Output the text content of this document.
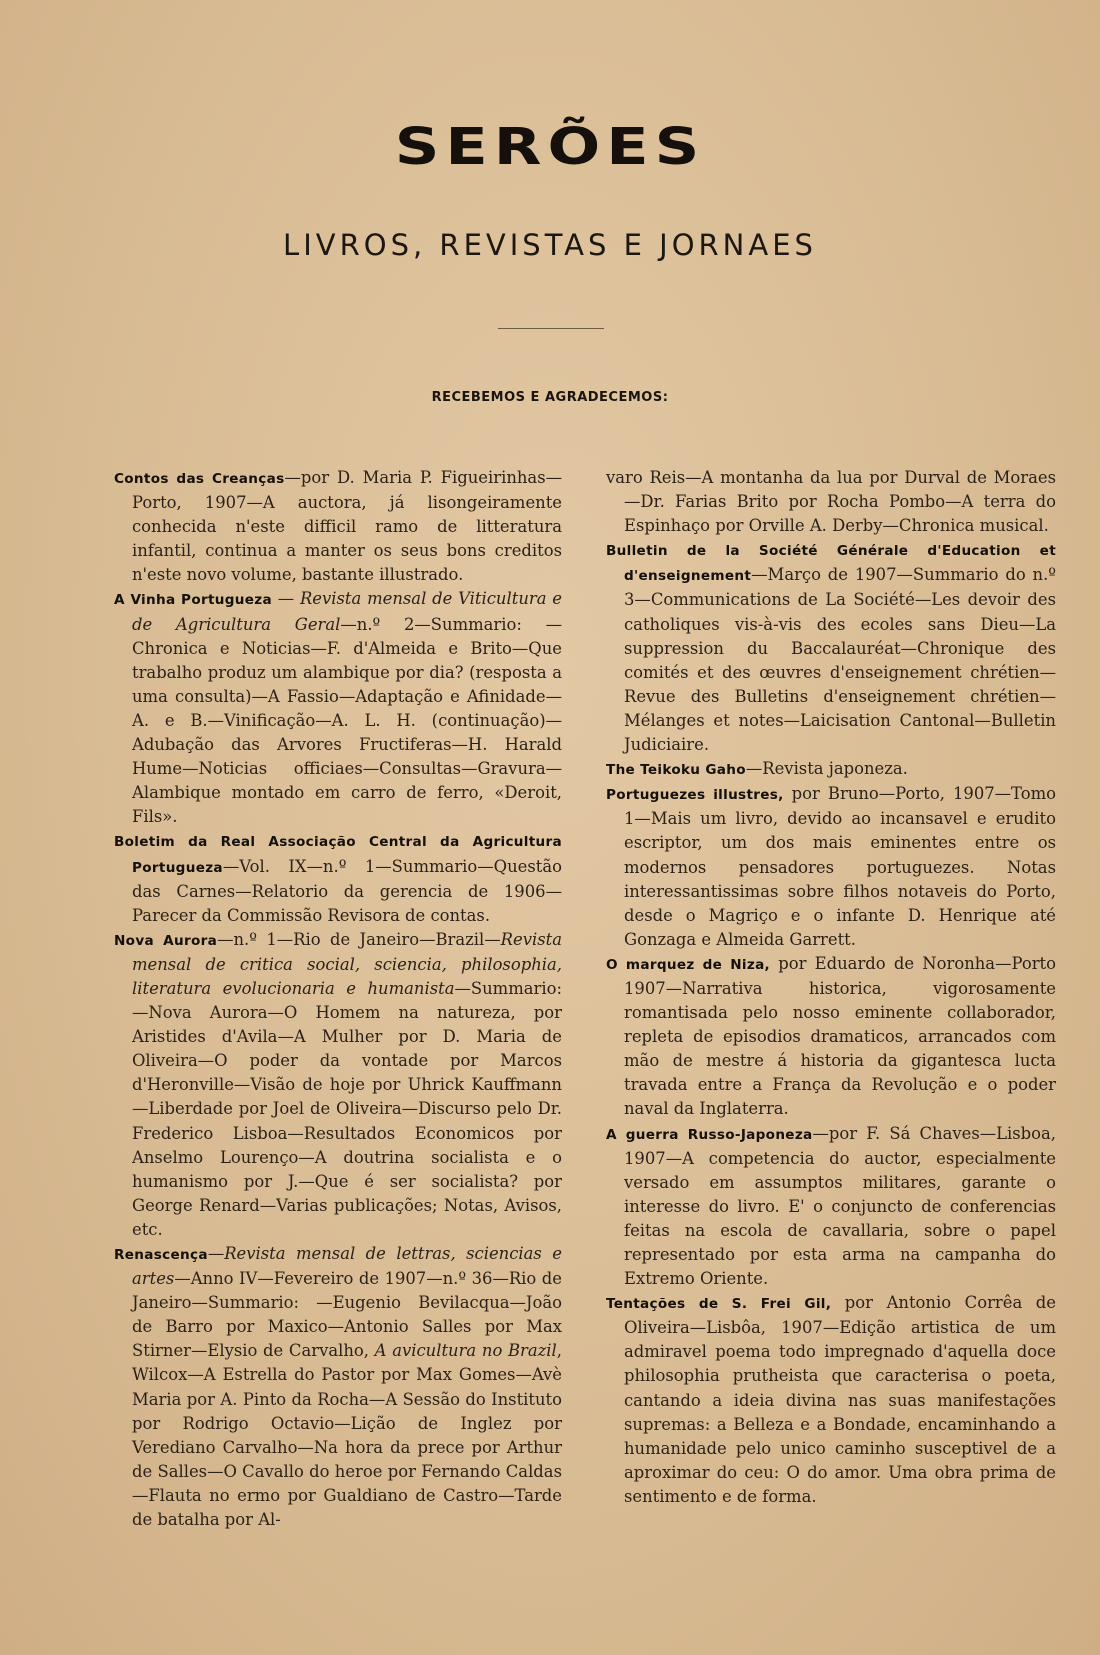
SERÕES
LIVROS, REVISTAS E JORNAES
RECEBEMOS E AGRADECEMOS:

Contos das Creanças—por D. Maria P. Figueirinhas—Porto, 1907—A auctora, já lisongeiramente conhecida n'este difficil ramo de litteratura infantil, continua a manter os seus bons creditos n'este novo volume, bastante illustrado.

A Vinha Portugueza — Revista mensal de Viticultura e de Agricultura Geral—n.º 2—Summario: —Chronica e Noticias—F. d'Almeida e Brito—Que trabalho produz um alambique por dia? (resposta a uma consulta)—A Fassio—Adaptação e Afinidade—A. e B.—Vinificação—A. L. H. (continuação)—Adubação das Arvores Fructiferas—H. Harald Hume—Noticias officiaes—Consultas—Gravura—Alambique montado em carro de ferro, «Deroit, Fils».

Boletim da Real Associação Central da Agricultura Portugueza—Vol. IX—n.º 1—Summario—Questão das Carnes—Relatorio da gerencia de 1906—Parecer da Commissão Revisora de contas.

Nova Aurora—n.º 1—Rio de Janeiro—Brazil—Revista mensal de critica social, sciencia, philosophia, literatura evolucionaria e humanista—Summario: —Nova Aurora—O Homem na natureza, por Aristides d'Avila—A Mulher por D. Maria de Oliveira—O poder da vontade por Marcos d'Heronville—Visão de hoje por Uhrick Kauffmann—Liberdade por Joel de Oliveira—Discurso pelo Dr. Frederico Lisboa—Resultados Economicos por Anselmo Lourenço—A doutrina socialista e o humanismo por J.—Que é ser socialista? por George Renard—Varias publicações; Notas, Avisos, etc.

Renascença—Revista mensal de lettras, sciencias e artes—Anno IV—Fevereiro de 1907—n.º 36—Rio de Janeiro—Summario: —Eugenio Bevilacqua—João de Barro por Maxico—Antonio Salles por Max Stirner—Elysio de Carvalho, A avicultura no Brazil, Wilcox—A Estrella do Pastor por Max Gomes—Avè Maria por A. Pinto da Rocha—A Sessão do Instituto por Rodrigo Octavio—Lição de Inglez por Verediano Carvalho—Na hora da prece por Arthur de Salles—O Cavallo do heroe por Fernando Caldas—Flauta no ermo por Gualdiano de Castro—Tarde de batalha por Al-

varo Reis—A montanha da lua por Durval de Moraes—Dr. Farias Brito por Rocha Pombo—A terra do Espinhaço por Orville A. Derby—Chronica musical.

Bulletin de la Société Générale d'Education et d'enseignement—Março de 1907—Summario do n.º 3—Communications de La Société—Les devoir des catholiques vis-à-vis des ecoles sans Dieu—La suppression du Baccalauréat—Chronique des comités et des œuvres d'enseignement chrétien—Revue des Bulletins d'enseignement chrétien—Mélanges et notes—Laicisation Cantonal—Bulletin Judiciaire.

The Teikoku Gaho—Revista japoneza.

Portuguezes illustres, por Bruno—Porto, 1907—Tomo 1—Mais um livro, devido ao incansavel e erudito escriptor, um dos mais eminentes entre os modernos pensadores portuguezes. Notas interessantissimas sobre filhos notaveis do Porto, desde o Magriço e o infante D. Henrique até Gonzaga e Almeida Garrett.

O marquez de Niza, por Eduardo de Noronha—Porto 1907—Narrativa historica, vigorosamente romantisada pelo nosso eminente collaborador, repleta de episodios dramaticos, arrancados com mão de mestre á historia da gigantesca lucta travada entre a França da Revolução e o poder naval da Inglaterra.

A guerra Russo-Japoneza—por F. Sá Chaves—Lisboa, 1907—A competencia do auctor, especialmente versado em assumptos militares, garante o interesse do livro. E' o conjuncto de conferencias feitas na escola de cavallaria, sobre o papel representado por esta arma na campanha do Extremo Oriente.

Tentações de S. Frei Gil, por Antonio Corrêa de Oliveira—Lisbôa, 1907—Edição artistica de um admiravel poema todo impregnado d'aquella doce philosophia prutheista que caracterisa o poeta, cantando a ideia divina nas suas manifestações supremas: a Belleza e a Bondade, encaminhando a humanidade pelo unico caminho susceptivel de a aproximar do ceu: O do amor. Uma obra prima de sentimento e de forma.
